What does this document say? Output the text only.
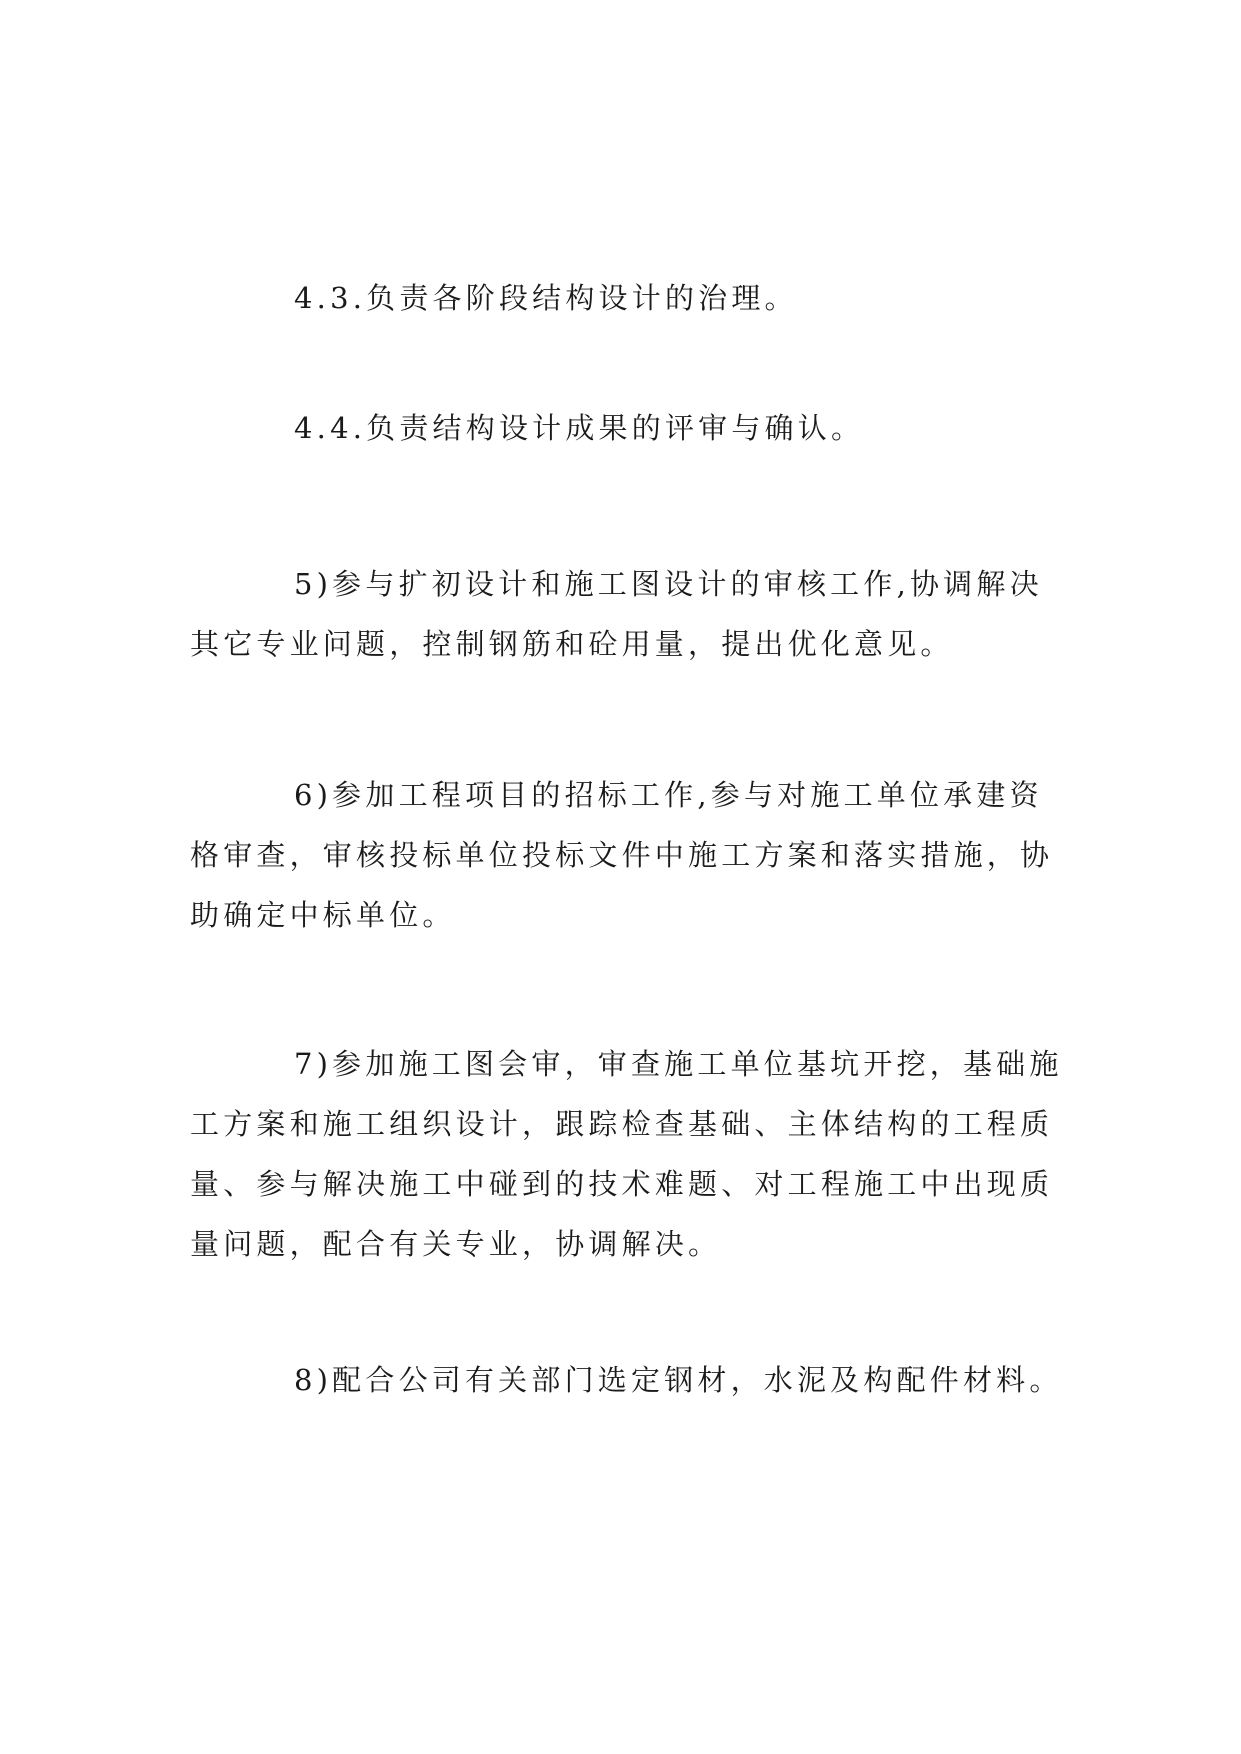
4.3.负责各阶段结构设计的治理。
4.4.负责结构设计成果的评审与确认。
5)参与扩初设计和施工图设计的审核工作,协调解决
其它专业问题，控制钢筋和砼用量，提出优化意见。
6)参加工程项目的招标工作,参与对施工单位承建资
格审查，审核投标单位投标文件中施工方案和落实措施，协
助确定中标单位。
7)参加施工图会审，审查施工单位基坑开挖，基础施
工方案和施工组织设计，跟踪检查基础、主体结构的工程质
量、参与解决施工中碰到的技术难题、对工程施工中出现质
量问题，配合有关专业，协调解决。
8)配合公司有关部门选定钢材，水泥及构配件材料。
